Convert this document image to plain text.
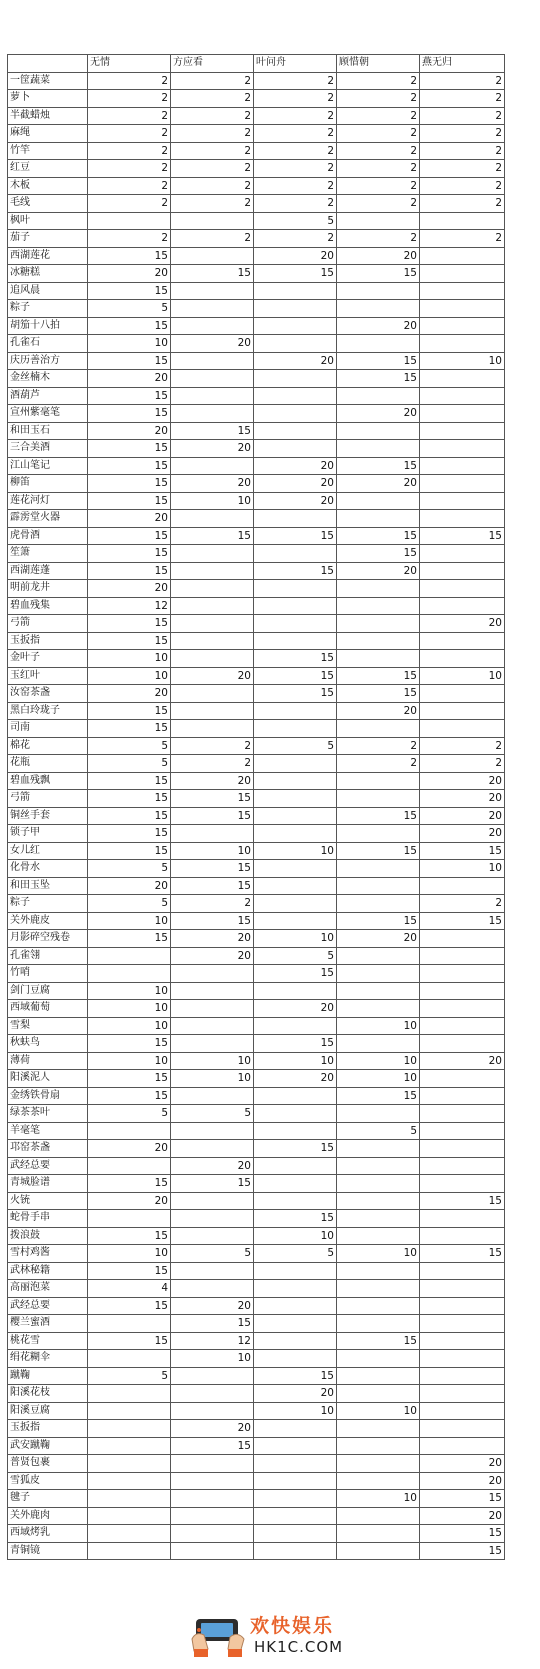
	无情	方应看	叶问舟	顾惜朝	燕无归
一筐蔬菜	2	2	2	2	2
萝卜	2	2	2	2	2
半截蜡烛	2	2	2	2	2
麻绳	2	2	2	2	2
竹竿	2	2	2	2	2
红豆	2	2	2	2	2
木板	2	2	2	2	2
毛线	2	2	2	2	2
枫叶			5		
茄子	2	2	2	2	2
西湖莲花	15		20	20	
冰糖糕	20	15	15	15	
追风晨	15				
粽子	5				
胡笳十八拍	15			20	
孔雀石	10	20			
庆历善治方	15		20	15	10
金丝楠木	20			15	
酒葫芦	15				
宣州紫毫笔	15			20	
和田玉石	20	15			
三合美酒	15	20			
江山笔记	15		20	15	
柳笛	15	20	20	20	
莲花河灯	15	10	20		
霹雳堂火器	20				
虎骨酒	15	15	15	15	15
笙箫	15			15	
西湖莲蓬	15		15	20	
明前龙井	20				
碧血残集	12				
弓箭	15				20
玉扳指	15				
金叶子	10		15		
玉红叶	10	20	15	15	10
汝窑茶盏	20		15	15	
黑白玲珑子	15			20	
司南	15				
棉花	5	2	5	2	2
花瓶	5	2		2	2
碧血残飘	15	20			20
弓箭	15	15			20
铜丝手套	15	15		15	20
锁子甲	15				20
女儿红	15	10	10	15	15
化骨水	5	15			10
和田玉坠	20	15			
粽子	5	2			2
关外鹿皮	10	15		15	15
月影碎空残卷	15	20	10	20	
孔雀翎		20	5		
竹哨			15		
剑门豆腐	10				
西域葡萄	10		20		
雪梨	10			10	
秋蚨鸟	15		15		
薄荷	10	10	10	10	20
阳溪泥人	15	10	20	10	
金绣铁骨扇	15			15	
绿茶茶叶	5	5			
羊毫笔				5	
邛窑茶盏	20		15		
武经总要		20			
青城脸谱	15	15			
火铳	20				15
蛇骨手串			15		
拨浪鼓	15		10		
雪村鸡酱	10	5	5	10	15
武林秘籍	15				
高丽泡菜	4				
武经总要	15	20			
樱兰蜜酒		15			
桃花雪	15	12		15	
绢花糊伞		10			
蹴鞠	5		15		
阳溪花枝			20		
阳溪豆腐			10	10	
玉扳指		20			
武安蹴鞠		15			
普贤包裹					20
雪狐皮					20
毽子				10	15
关外鹿肉					20
西域烤乳					15
青铜镜					15
欢快娱乐
HK1C.COM
